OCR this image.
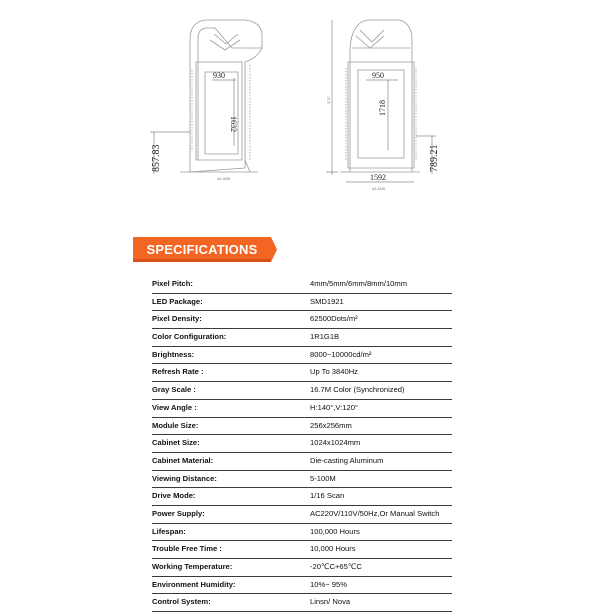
930
1632
857.83
AA 1636
950
1718
3747
1592
789.21
AA 1636
SPECIFICATIONS
Pixel Pitch:	4mm/5mm/6mm/8mm/10mm
LED Package:	SMD1921
Pixel Density:	62500Dots/m²
Color Configuration:	1R1G1B
Brightness:	8000~10000cd/m²
Refresh Rate :	Up To 3840Hz
Gray Scale :	16.7M Color (Synchronized)
View Angle :	H:140°,V:120°
Module Size:	256x256mm
Cabinet Size:	1024x1024mm
Cabinet Material:	Die-casting Aluminum
Viewing Distance:	5-100M
Drive Mode:	1/16 Scan
Power Supply:	AC220V/110V/50Hz,Or Manual Switch
Lifespan:	100,000 Hours
Trouble Free Time :	10,000 Hours
Working Temperature:	-20℃C+65℃C
Environment Humidity:	10%~ 95%
Control System:	Linsn/ Nova
